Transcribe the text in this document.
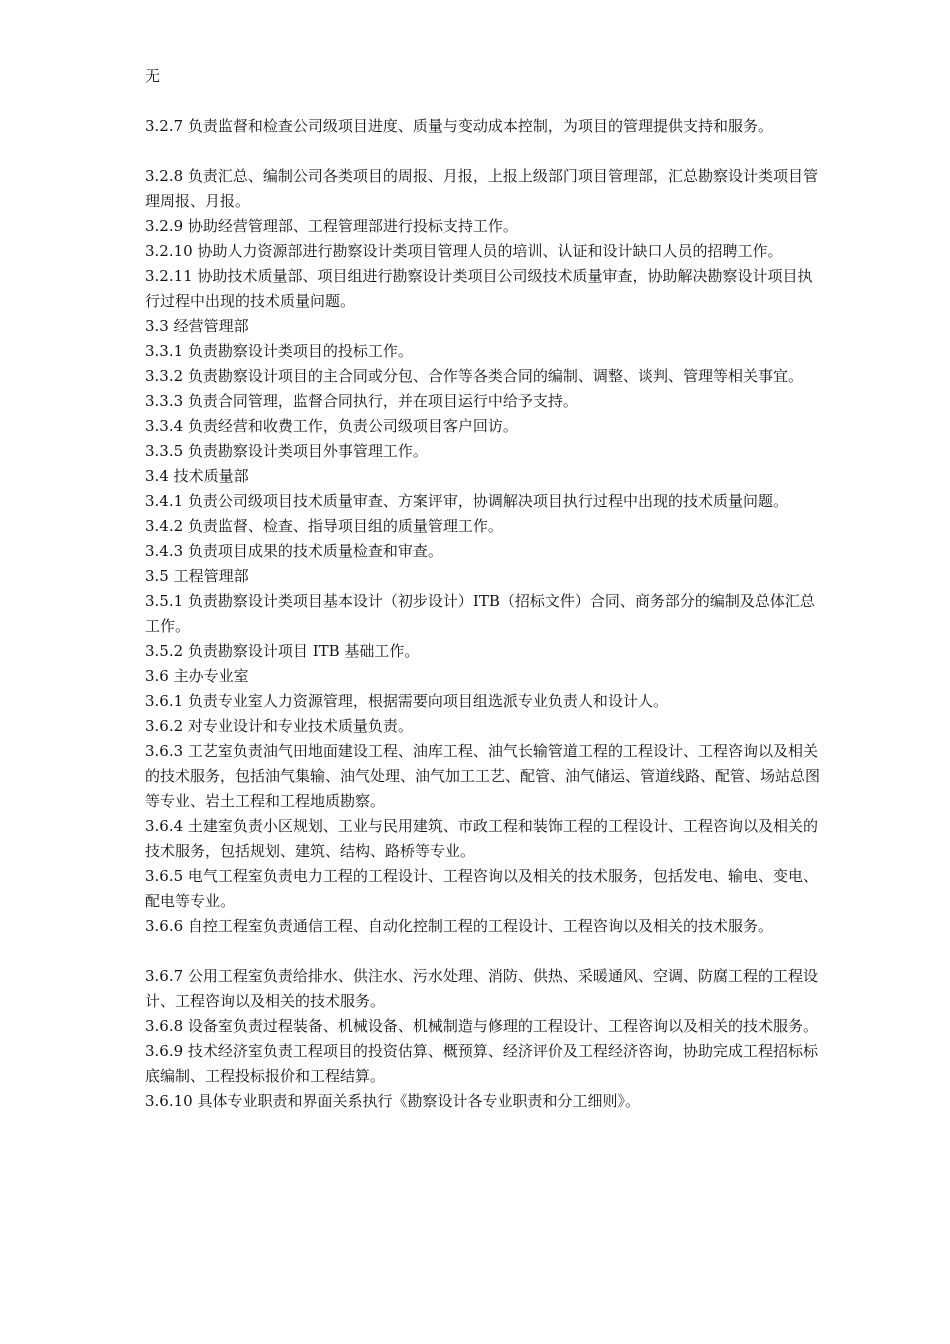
无

3.2.7 负责监督和检查公司级项目进度、质量与变动成本控制，为项目的管理提供支持和服务。

3.2.8 负责汇总、编制公司各类项目的周报、月报，上报上级部门项目管理部，汇总勘察设计类项目管理周报、月报。

3.2.9 协助经营管理部、工程管理部进行投标支持工作。

3.2.10 协助人力资源部进行勘察设计类项目管理人员的培训、认证和设计缺口人员的招聘工作。

3.2.11 协助技术质量部、项目组进行勘察设计类项目公司级技术质量审查，协助解决勘察设计项目执行过程中出现的技术质量问题。

3.3 经营管理部

3.3.1 负责勘察设计类项目的投标工作。

3.3.2 负责勘察设计项目的主合同或分包、合作等各类合同的编制、调整、谈判、管理等相关事宜。

3.3.3 负责合同管理，监督合同执行，并在项目运行中给予支持。

3.3.4 负责经营和收费工作，负责公司级项目客户回访。

3.3.5 负责勘察设计类项目外事管理工作。

3.4 技术质量部

3.4.1 负责公司级项目技术质量审查、方案评审，协调解决项目执行过程中出现的技术质量问题。

3.4.2 负责监督、检查、指导项目组的质量管理工作。

3.4.3 负责项目成果的技术质量检查和审查。

3.5 工程管理部

3.5.1 负责勘察设计类项目基本设计（初步设计）ITB（招标文件）合同、商务部分的编制及总体汇总工作。

3.5.2 负责勘察设计项目 ITB 基础工作。

3.6 主办专业室

3.6.1 负责专业室人力资源管理，根据需要向项目组选派专业负责人和设计人。

3.6.2 对专业设计和专业技术质量负责。

3.6.3 工艺室负责油气田地面建设工程、油库工程、油气长输管道工程的工程设计、工程咨询以及相关的技术服务，包括油气集输、油气处理、油气加工工艺、配管、油气储运、管道线路、配管、场站总图等专业、岩土工程和工程地质勘察。

3.6.4 土建室负责小区规划、工业与民用建筑、市政工程和装饰工程的工程设计、工程咨询以及相关的技术服务，包括规划、建筑、结构、路桥等专业。

3.6.5 电气工程室负责电力工程的工程设计、工程咨询以及相关的技术服务，包括发电、输电、变电、配电等专业。

3.6.6 自控工程室负责通信工程、自动化控制工程的工程设计、工程咨询以及相关的技术服务。

3.6.7 公用工程室负责给排水、供注水、污水处理、消防、供热、采暖通风、空调、防腐工程的工程设计、工程咨询以及相关的技术服务。

3.6.8 设备室负责过程装备、机械设备、机械制造与修理的工程设计、工程咨询以及相关的技术服务。

3.6.9 技术经济室负责工程项目的投资估算、概预算、经济评价及工程经济咨询，协助完成工程招标标底编制、工程投标报价和工程结算。

3.6.10 具体专业职责和界面关系执行《勘察设计各专业职责和分工细则》。
